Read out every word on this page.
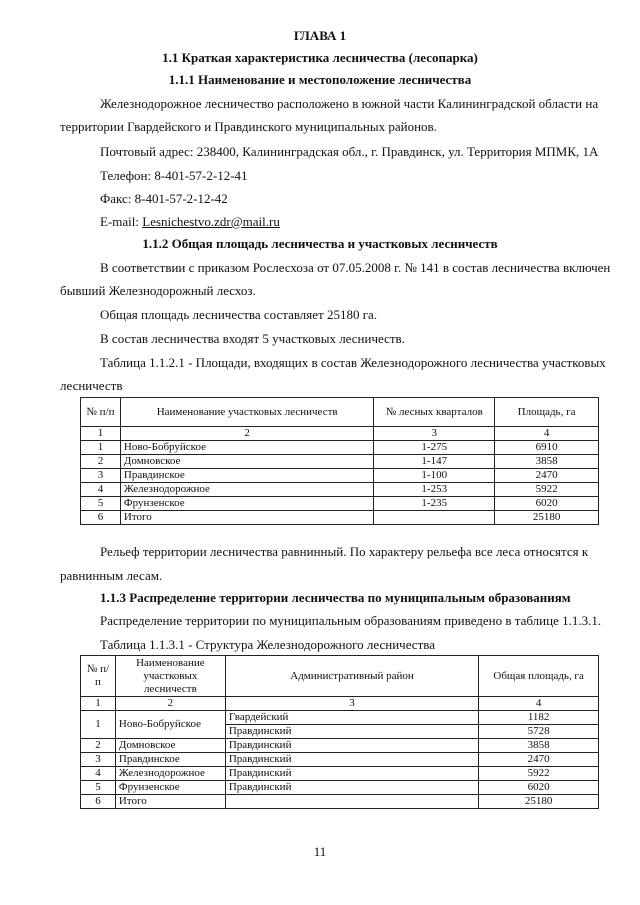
ГЛАВА 1
1.1 Краткая характеристика лесничества (лесопарка)
1.1.1 Наименование и местоположение лесничества
Железнодорожное лесничество расположено в южной части Калининградской области на
территории Гвардейского и Правдинского муниципальных районов.
Почтовый адрес: 238400, Калининградская обл., г. Правдинск, ул. Территория МПМК, 1А
Телефон: 8-401-57-2-12-41
Факс: 8-401-57-2-12-42
E-mail: Lesnichestvo.zdr@mail.ru
1.1.2 Общая площадь лесничества и участковых лесничеств
В соответствии с приказом Рослесхоза от 07.05.2008 г. № 141 в состав лесничества включен
бывший Железнодорожный лесхоз.
Общая площадь лесничества составляет 25180 га.
В состав лесничества входят 5 участковых лесничеств.
Таблица 1.1.2.1 - Площади, входящих в состав Железнодорожного лесничества участковых
лесничеств
№ п/п	Наименование участковых лесничеств	№ лесных кварталов	Площадь, га
1	2	3	4
1	Ново-Бобруйское	1-275	6910
2	Домновское	1-147	3858
3	Правдинское	1-100	2470
4	Железнодорожное	1-253	5922
5	Фрунзенское	1-235	6020
6	Итого		25180
Рельеф территории лесничества равнинный. По характеру рельефа все леса относятся к
равнинным лесам.
1.1.3 Распределение территории лесничества по муниципальным образованиям
Распределение территории по муниципальным образованиям приведено в таблице 1.1.3.1.
Таблица 1.1.3.1 - Структура Железнодорожного лесничества
№ п/п	Наименование участковых лесничеств	Административный район	Общая площадь, га
1	2	3	4
1	Ново-Бобруйское	Гвардейский	1182
		Правдинский	5728
2	Домновское	Правдинский	3858
3	Правдинское	Правдинский	2470
4	Железнодорожное	Правдинский	5922
5	Фрунзенское	Правдинский	6020
6	Итого		25180
11
